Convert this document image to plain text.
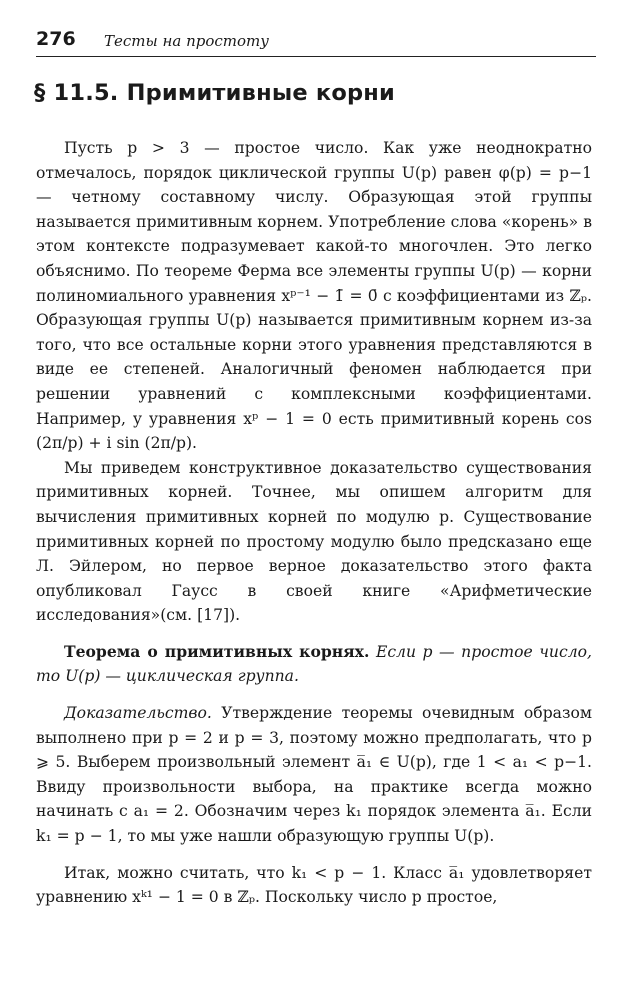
276 Тесты на простоту
§ 11.5. Примитивные корни

Пусть p > 3 — простое число. Как уже неоднократно отмечалось, порядок циклической группы U(p) равен φ(p) = p−1 — четному составному числу. Образующая этой группы называется примитивным корнем. Употребление слова «корень» в этом контексте подразумевает какой-то многочлен. Это легко объяснимо. По теореме Ферма все элементы группы U(p) — корни полиномиального уравнения xᵖ⁻¹ − 1̄ = 0̄ с коэффициентами из ℤₚ. Образующая группы U(p) называется примитивным корнем из-за того, что все остальные корни этого уравнения представляются в виде ее степеней. Аналогичный феномен наблюдается при решении уравнений с комплексными коэффициентами. Например, у уравнения xᵖ − 1 = 0 есть примитивный корень cos (2π/p) + i sin (2π/p).

Мы приведем конструктивное доказательство существования примитивных корней. Точнее, мы опишем алгоритм для вычисления примитивных корней по модулю p. Существование примитивных корней по простому модулю было предсказано еще Л. Эйлером, но первое верное доказательство этого факта опубликовал Гаусс в своей книге «Арифметические исследования»(см. [17]).

Теорема о примитивных корнях. Если p — простое число, то U(p) — циклическая группа.

Доказательство. Утверждение теоремы очевидным образом выполнено при p = 2 и p = 3, поэтому можно предполагать, что p ⩾ 5. Выберем произвольный элемент a̅₁ ∈ U(p), где 1 < a₁ < p−1. Ввиду произвольности выбора, на практике всегда можно начинать с a₁ = 2. Обозначим через k₁ порядок элемента a̅₁. Если k₁ = p − 1, то мы уже нашли образующую группы U(p).

Итак, можно считать, что k₁ < p − 1. Класс a̅₁ удовлетворяет уравнению xᵏ¹ − 1 = 0 в ℤₚ. Поскольку число p простое,
